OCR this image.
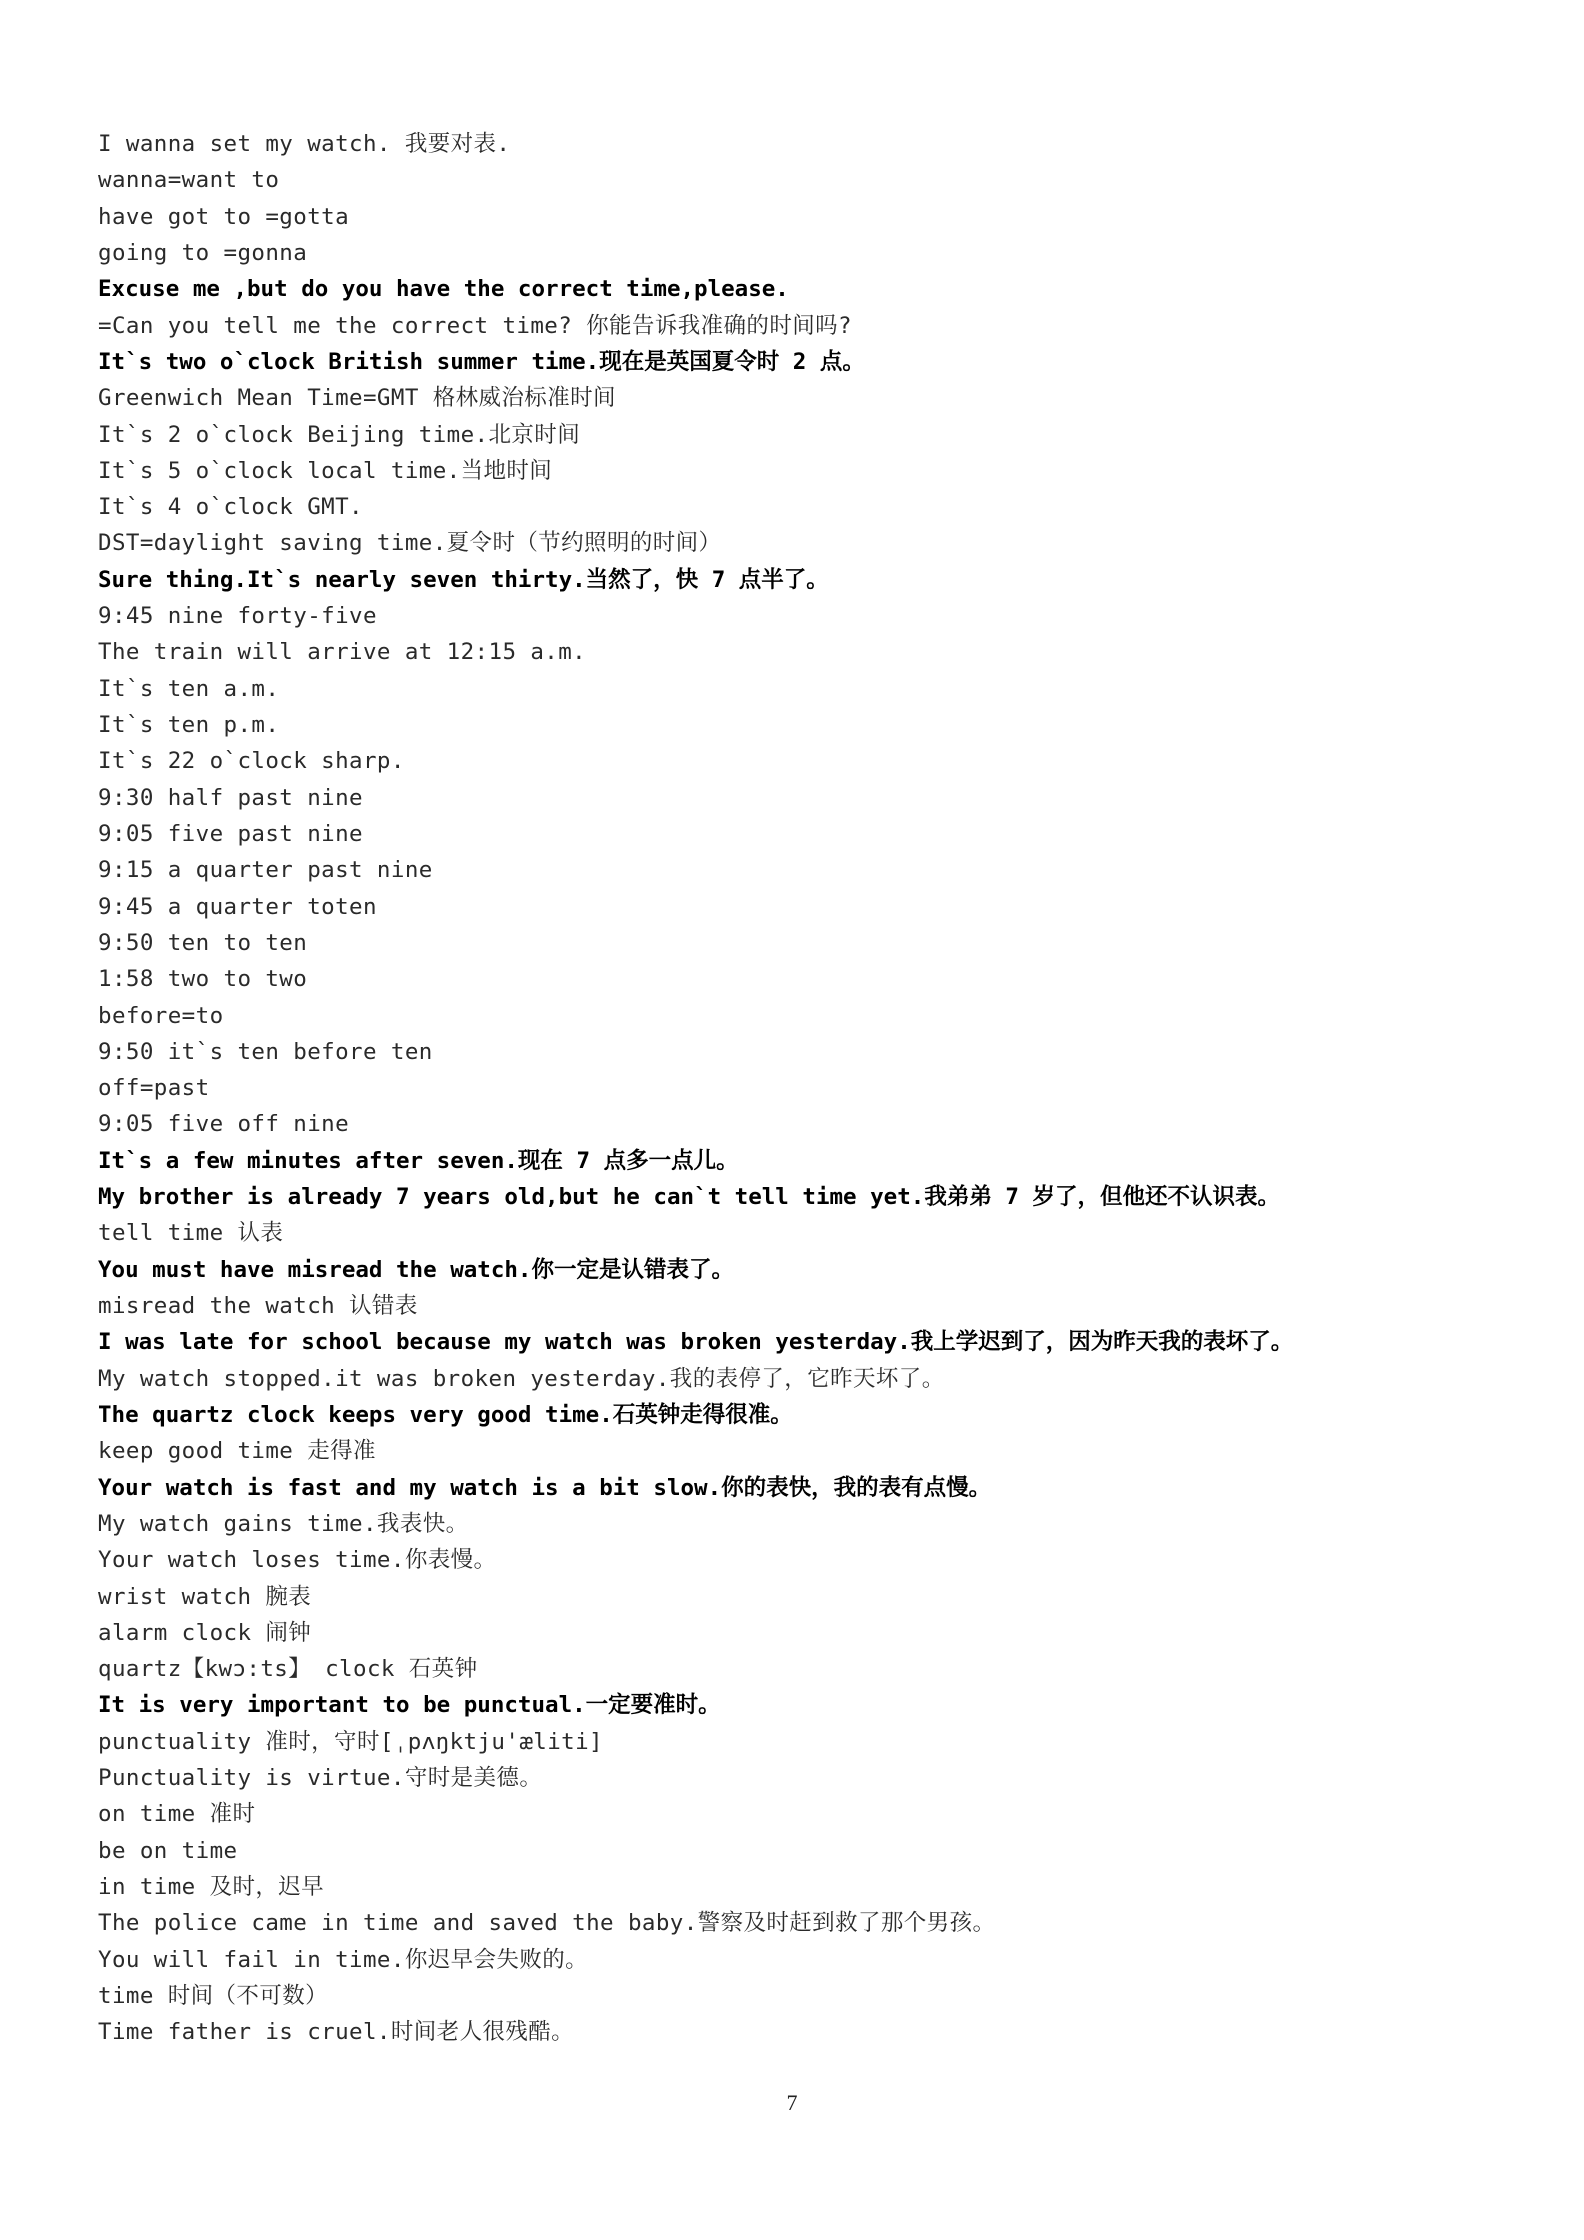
I wanna set my watch. 我要对表.
wanna=want to
have got to =gotta
going to =gonna
Excuse me ,but do you have the correct time,please.
=Can you tell me the correct time? 你能告诉我准确的时间吗?
It`s two o`clock British summer time.现在是英国夏令时 2 点。
Greenwich Mean Time=GMT 格林威治标准时间
It`s 2 o`clock Beijing time.北京时间
It`s 5 o`clock local time.当地时间
It`s 4 o`clock GMT.
DST=daylight saving time.夏令时（节约照明的时间）
Sure thing.It`s nearly seven thirty.当然了，快 7 点半了。
9:45 nine forty-five
The train will arrive at 12:15 a.m.
It`s ten a.m.
It`s ten p.m.
It`s 22 o`clock sharp.
9:30 half past nine
9:05 five past nine
9:15 a quarter past nine
9:45 a quarter toten
9:50 ten to ten
1:58 two to two
before=to
9:50 it`s ten before ten
off=past
9:05 five off nine
It`s a few minutes after seven.现在 7 点多一点儿。
My brother is already 7 years old,but he can`t tell time yet.我弟弟 7 岁了，但他还不认识表。
tell time 认表
You must have misread the watch.你一定是认错表了。
misread the watch 认错表
I was late for school because my watch was broken yesterday.我上学迟到了，因为昨天我的表坏了。
My watch stopped.it was broken yesterday.我的表停了，它昨天坏了。
The quartz clock keeps very good time.石英钟走得很准。
keep good time 走得准
Your watch is fast and my watch is a bit slow.你的表快，我的表有点慢。
My watch gains time.我表快。
Your watch loses time.你表慢。
wrist watch 腕表
alarm clock 闹钟
quartz【kwɔ:ts】 clock 石英钟
It is very important to be punctual.一定要准时。
punctuality 准时，守时[ˌpʌŋktju'æliti]
Punctuality is virtue.守时是美德。
on time 准时
be on time
in time 及时，迟早
The police came in time and saved the baby.警察及时赶到救了那个男孩。
You will fail in time.你迟早会失败的。
time 时间（不可数）
Time father is cruel.时间老人很残酷。
7
